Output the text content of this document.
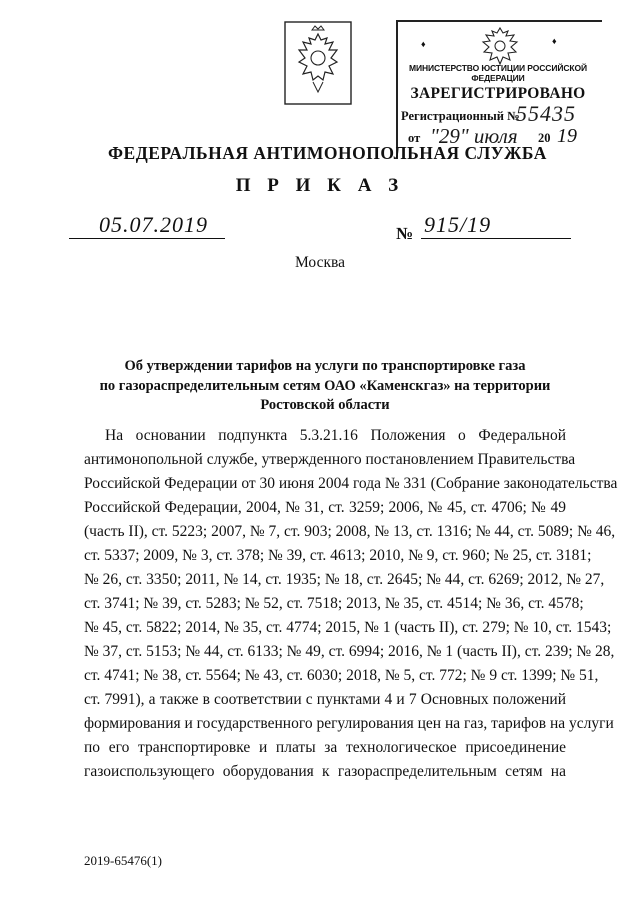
♦	♦
МИНИСТЕРСТВО ЮСТИЦИИ РОССИЙСКОЙ ФЕДЕРАЦИИ
ЗАРЕГИСТРИРОВАНО
Регистрационный №
55435
от "29" июля 20 19
ФЕДЕРАЛЬНАЯ АНТИМОНОПОЛЬНАЯ СЛУЖБА
П Р И К А З
05.07.2019	№ 915/19
Москва
Об утверждении тарифов на услуги по транспортировке газа
по газораспределительным сетям ОАО «Каменскгаз» на территории
Ростовской области
На основании подпункта 5.3.21.16 Положения о Федеральной
антимонопольной службе, утвержденного постановлением Правительства
Российской Федерации от 30 июня 2004 года № 331 (Собрание законодательства
Российской Федерации, 2004, № 31, ст. 3259; 2006, № 45, ст. 4706; № 49
(часть II), ст. 5223; 2007, № 7, ст. 903; 2008, № 13, ст. 1316; № 44, ст. 5089; № 46,
ст. 5337; 2009, № 3, ст. 378; № 39, ст. 4613; 2010, № 9, ст. 960; № 25, ст. 3181;
№ 26, ст. 3350; 2011, № 14, ст. 1935; № 18, ст. 2645; № 44, ст. 6269; 2012, № 27,
ст. 3741; № 39, ст. 5283; № 52, ст. 7518; 2013, № 35, ст. 4514; № 36, ст. 4578;
№ 45, ст. 5822; 2014, № 35, ст. 4774; 2015, № 1 (часть II), ст. 279; № 10, ст. 1543;
№ 37, ст. 5153; № 44, ст. 6133; № 49, ст. 6994; 2016, № 1 (часть II), ст. 239; № 28,
ст. 4741; № 38, ст. 5564; № 43, ст. 6030; 2018, № 5, ст. 772; № 9 ст. 1399; № 51,
ст. 7991), а также в соответствии с пунктами 4 и 7 Основных положений
формирования и государственного регулирования цен на газ, тарифов на услуги
по его транспортировке и платы за технологическое присоединение
газоиспользующего оборудования к газораспределительным сетям на
2019-65476(1)
